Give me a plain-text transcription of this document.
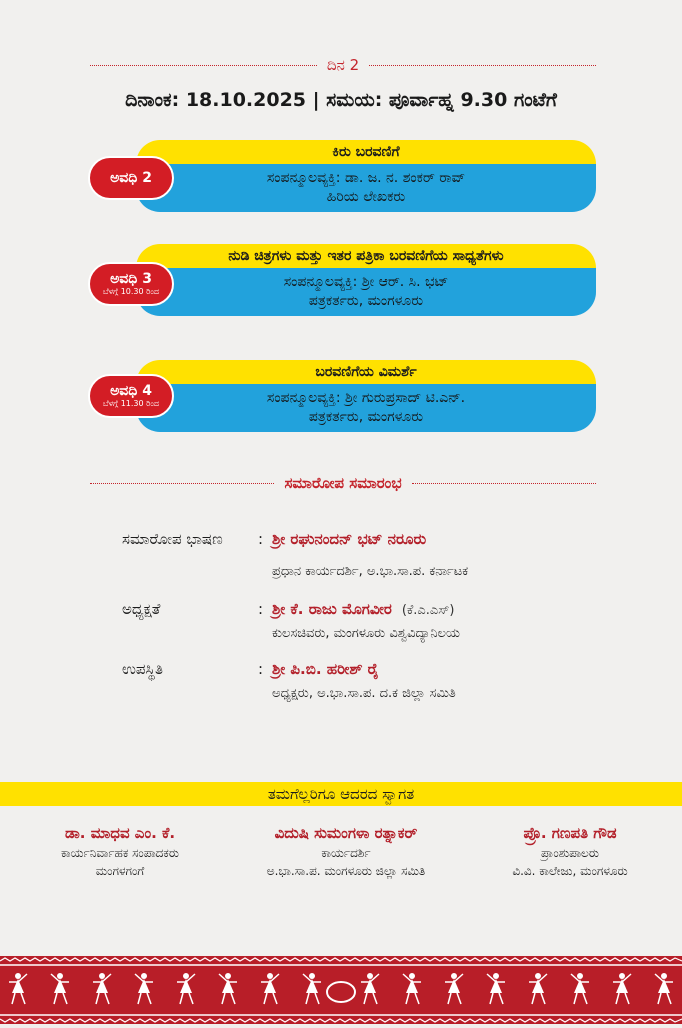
ದಿನ 2
ದಿನಾಂಕ: 18.10.2025 | ಸಮಯ: ಪೂರ್ವಾಹ್ನ 9.30 ಗಂಟೆಗೆ
ಕಿರು ಬರವಣಿಗೆ
ಸಂಪನ್ಮೂಲವ್ಯಕ್ತಿ: ಡಾ. ಜ. ನ. ಶಂಕರ್ ರಾವ್
ಹಿರಿಯ ಲೇಖಕರು
ಅವಧಿ 2
ನುಡಿ ಚಿತ್ರಗಳು ಮತ್ತು ಇತರ ಪತ್ರಿಕಾ ಬರವಣಿಗೆಯ ಸಾಧ್ಯತೆಗಳು
ಸಂಪನ್ಮೂಲವ್ಯಕ್ತಿ: ಶ್ರೀ ಆರ್. ಸಿ. ಭಟ್
ಪತ್ರಕರ್ತರು, ಮಂಗಳೂರು
ಅವಧಿ 3
ಬೆಳಗ್ಗೆ 10.30 ರಿಂದ
ಬರವಣಿಗೆಯ ವಿಮರ್ಶೆ
ಸಂಪನ್ಮೂಲವ್ಯಕ್ತಿ: ಶ್ರೀ ಗುರುಪ್ರಸಾದ್ ಟಿ.ಎನ್.
ಪತ್ರಕರ್ತರು, ಮಂಗಳೂರು
ಅವಧಿ 4
ಬೆಳಗ್ಗೆ 11.30 ರಿಂದ
ಸಮಾರೋಪ ಸಮಾರಂಭ
ಸಮಾರೋಪ ಭಾಷಣ : ಶ್ರೀ ರಘುನಂದನ್ ಭಟ್ ನರೂರು
ಪ್ರಧಾನ ಕಾರ್ಯದರ್ಶಿ, ಅ.ಭಾ.ಸಾ.ಪ. ಕರ್ನಾಟಕ
ಅಧ್ಯಕ್ಷತೆ	: ಶ್ರೀ ಕೆ. ರಾಜು ಮೊಗವೀರ (ಕೆ.ಎ.ಎಸ್)
ಕುಲಸಚಿವರು, ಮಂಗಳೂರು ವಿಶ್ವವಿದ್ಯಾನಿಲಯ
ಉಪಸ್ಥಿತಿ	: ಶ್ರೀ ಪಿ.ಬಿ. ಹರೀಶ್ ರೈ
ಅಧ್ಯಕ್ಷರು, ಅ.ಭಾ.ಸಾ.ಪ. ದ.ಕ ಜಿಲ್ಲಾ ಸಮಿತಿ
ತಮಗೆಲ್ಲರಿಗೂ ಆದರದ ಸ್ವಾಗತ
ಡಾ. ಮಾಧವ ಎಂ. ಕೆ.
ಕಾರ್ಯನಿರ್ವಾಹಕ ಸಂಪಾದಕರು
ಮಂಗಳಗಂಗೆ
ವಿದುಷಿ ಸುಮಂಗಳಾ ರತ್ನಾಕರ್
ಕಾರ್ಯದರ್ಶಿ
ಅ.ಭಾ.ಸಾ.ಪ. ಮಂಗಳೂರು ಜಿಲ್ಲಾ ಸಮಿತಿ
ಪ್ರೊ. ಗಣಪತಿ ಗೌಡ
ಪ್ರಾಂಶುಪಾಲರು
ವಿ.ವಿ. ಕಾಲೇಜು, ಮಂಗಳೂರು
